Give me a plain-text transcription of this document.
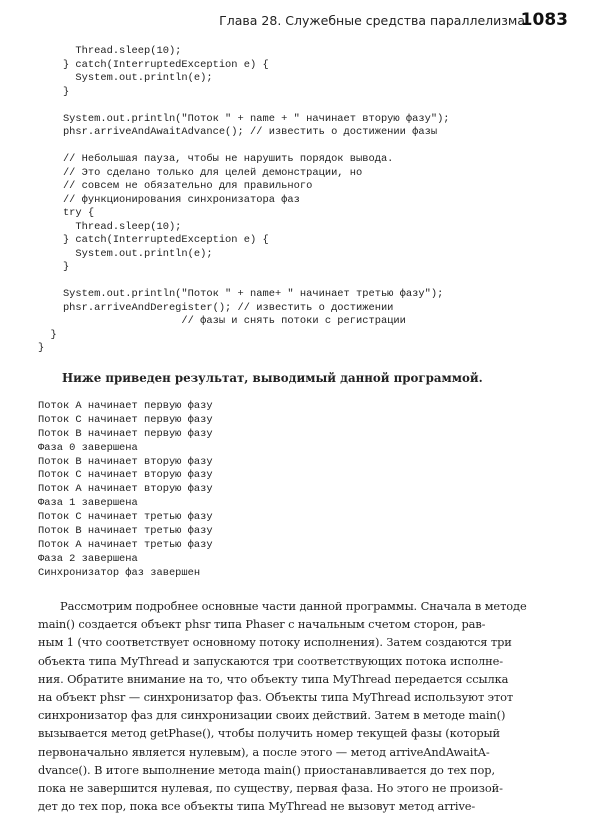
Глава 28. Служебные средства параллелизма
1083
Thread.sleep(10);
} catch(InterruptedException e) {
System.out.println(e);
}
System.out.println("Поток " + name + " начинает вторую фазу");
phsr.arriveAndAwaitAdvance(); // известить о достижении фазы
// Небольшая пауза, чтобы не нарушить порядок вывода.
// Это сделано только для целей демонстрации, но
// совсем не обязательно для правильного
// функционирования синхронизатора фаз
try {
Thread.sleep(10);
} catch(InterruptedException e) {
System.out.println(e);
}
System.out.println("Поток " + name+ " начинает третью фазу");
phsr.arriveAndDeregister(); // известить о достижении
// фазы и снять потоки с регистрации
}
}
Ниже приведен результат, выводимый данной программой.
Поток A начинает первую фазу
Поток C начинает первую фазу
Поток B начинает первую фазу
Фаза 0 завершена
Поток B начинает вторую фазу
Поток C начинает вторую фазу
Поток A начинает вторую фазу
Фаза 1 завершена
Поток C начинает третью фазу
Поток B начинает третью фазу
Поток A начинает третью фазу
Фаза 2 завершена
Синхронизатор фаз завершен
Рассмотрим подробнее основные части данной программы. Сначала в методе
main() создается объект phsr типа Phaser с начальным счетом сторон, рав-
ным 1 (что соответствует основному потоку исполнения). Затем создаются три
объекта типа MyThread и запускаются три соответствующих потока исполне-
ния. Обратите внимание на то, что объекту типа MyThread передается ссылка
на объект phsr — синхронизатор фаз. Объекты типа MyThread используют этот
синхронизатор фаз для синхронизации своих действий. Затем в методе main()
вызывается метод getPhase(), чтобы получить номер текущей фазы (который
первоначально является нулевым), а после этого — метод arriveAndAwaitA-
dvance(). В итоге выполнение метода main() приостанавливается до тех пор,
пока не завершится нулевая, по существу, первая фаза. Но этого не произой-
дет до тех пор, пока все объекты типа MyThread не вызовут метод arrive-
